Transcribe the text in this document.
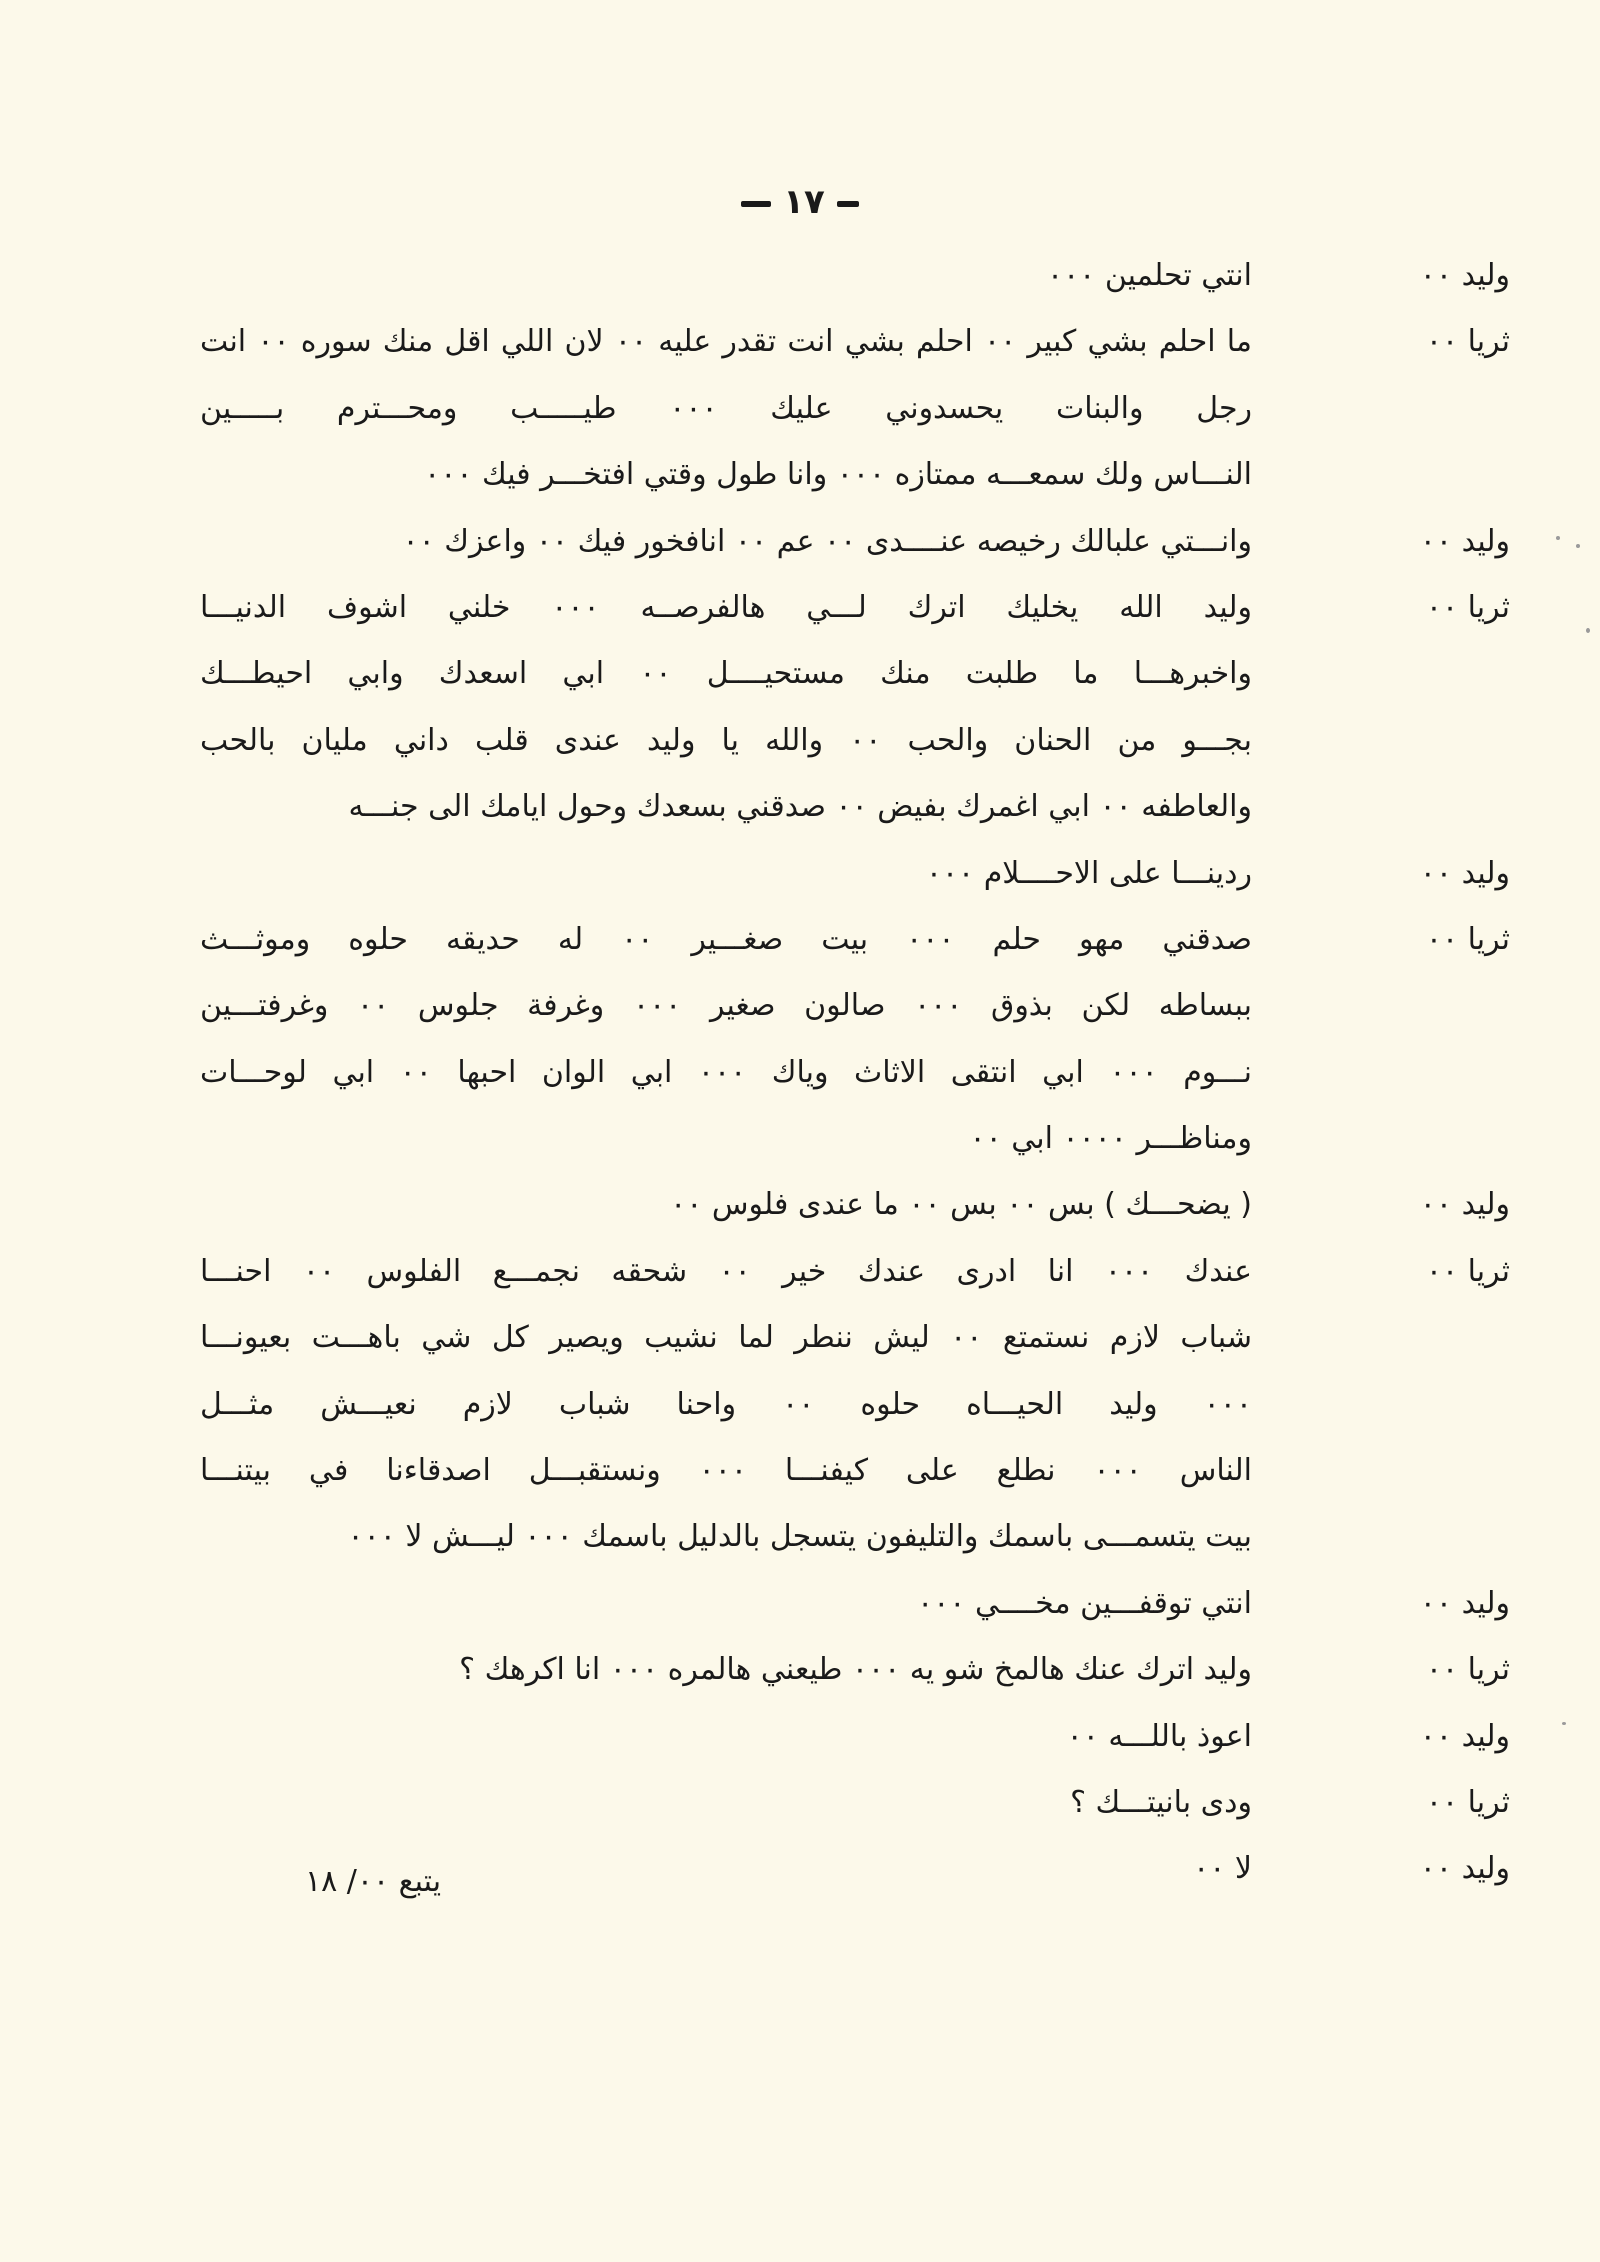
١٧
وليد ٠٠
انتي تحلمين ٠٠٠
ثريا ٠٠
ما احلم بشي كبير ٠٠ احلم بشي انت تقدر عليه ٠٠ لان اللي اقل منك سوره ٠٠ انت
رجل والبنات يحسدوني عليك ٠٠٠ طيـــــب ومحـــترم بـــــين
النـــاس ولك سمعـــه ممتازه ٠٠٠ وانا طول وقتي افتخـــر فيك ٠٠٠
وليد ٠٠
وانـــتي علبالك رخيصه عنــــدى ٠٠ عم ٠٠ انافخور فيك ٠٠ واعزك ٠٠
ثريا ٠٠
وليد الله يخليك اترك لـــي هالفرصــه ٠٠٠ خلني اشوف الدنيـــا
واخبرهـــا ما طلبت منك مستحيــــل ٠٠ ابي اسعدك وابي احيطـــك
بجـــو من الحنان والحب ٠٠ والله يا وليد عندى قلب داني مليان بالحب
والعاطفه ٠٠ ابي اغمرك بفيض ٠٠ صدقني بسعدك وحول ايامك الى جنـــه
وليد ٠٠
ردينـــا على الاحــــلام ٠٠٠
ثريا ٠٠
صدقني مهو حلم ٠٠٠ بيت صغـــير ٠٠ له حديقه حلوه وموثـــث
ببساطه لكن بذوق ٠٠٠ صالون صغير ٠٠٠ وغرفة جلوس ٠٠ وغرفتـــين
نـــوم ٠٠٠ ابي انتقى الاثاث وياك ٠٠٠ ابي الوان احبها ٠٠ ابي لوحـــات
ومناظـــر ٠٠٠٠ ابي ٠٠
وليد ٠٠
( يضحـــك ) بس ٠٠ بس ٠٠ ما عندى فلوس ٠٠
ثريا ٠٠
عندك ٠٠٠ انا ادرى عندك خير ٠٠ شحقه نجمـــع الفلوس ٠٠ احنـــا
شباب لازم نستمتع ٠٠ ليش ننطر لما نشيب ويصير كل شي باهـــت بعيونـــا
٠٠٠ وليد الحيـــاه حلوه ٠٠ واحنا شباب لازم نعيـــش مثـــل
الناس ٠٠٠ نطلع على كيفنـــا ٠٠٠ ونستقبـــل اصدقاءنا في بيتنـــا
بيت يتسمـــى باسمك والتليفون يتسجل بالدليل باسمك ٠٠٠ ليـــش لا ٠٠٠
وليد ٠٠
انتي توقفـــين مخــــي ٠٠٠
ثريا ٠٠
وليد اترك عنك هالمخ شو يه ٠٠٠ طيعني هالمره ٠٠٠ انا اكرهك ؟
وليد ٠٠
اعوذ باللـــه ٠٠
ثريا ٠٠
ودى بانيتـــك ؟
وليد ٠٠
لا ٠٠
يتبع ٠٠/ ١٨
